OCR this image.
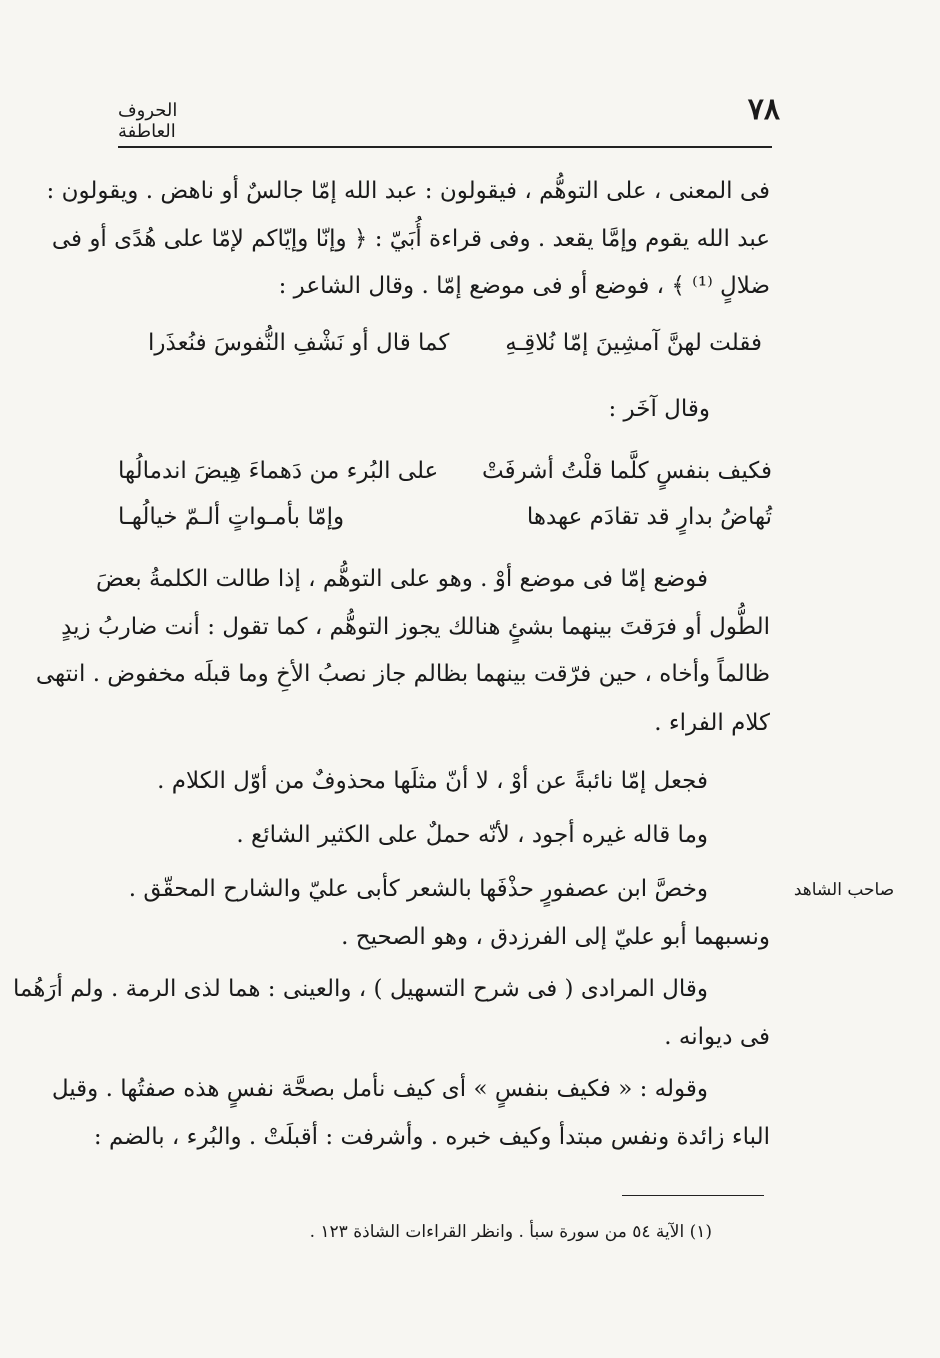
الحروف العاطفة
٧٨
فى المعنى ، على التوهُّم ، فيقولون : عبد الله إمّا جالسٌ أو ناهض . ويقولون :
عبد الله يقوم وإمَّا يقعد . وفى قراءة أُبَيّ : ﴿ وإنّا وإيّاكم لإمّا على هُدًى أو فى
ضلالٍ ⁽¹⁾ ﴾ ، فوضع أو فى موضع إمّا . وقال الشاعر :
فقلت لهنَّ آمشِينَ إمّا نُلاقِـهِ
كما قال أو نَشْفِ النُّفوسَ فنُعذَرا
وقال آخَر :
فكيف بنفسٍ كلَّما قلْتُ أشرفَتْ
على البُرء من دَهماءَ هِيضَ اندمالُها
تُهاضُ بدارٍ قد تقادَم عهدها
وإمّا بأمـواتٍ ألـمّ خيالُهـا
فوضع إمّا فى موضع أوْ . وهو على التوهُّم ، إذا طالت الكلمةُ بعضَ
الطُّول أو فرَقتَ بينهما بشئٍ هنالك يجوز التوهُّم ، كما تقول : أنت ضاربُ زيدٍ
ظالماً وأخاه ، حين فرّقت بينهما بظالم جاز نصبُ الأخِ وما قبلَه مخفوض . انتهى
كلام الفراء .
فجعل إمّا نائبةً عن أوْ ، لا أنّ مثلَها محذوفٌ من أوّل الكلام .
وما قاله غيره أجود ، لأنّه حملٌ على الكثير الشائع .
صاحب الشاهد
وخصَّ ابن عصفورٍ حذْفَها بالشعر كأبى عليّ والشارح المحقّق .
ونسبهما أبو عليّ إلى الفرزدق ، وهو الصحيح .
وقال المرادى ( فى شرح التسهيل ) ، والعينى : هما لذى الرمة . ولم أرَهُما
فى ديوانه .
وقوله : « فكيف بنفسٍ » أى كيف نأمل بصحَّة نفسٍ هذه صفتُها . وقيل
الباء زائدة ونفس مبتدأ وكيف خبره . وأشرفت : أقبلَتْ . والبُرء ، بالضم :
(١) الآية ٥٤ من سورة سبأ . وانظر القراءات الشاذة ١٢٣ .
